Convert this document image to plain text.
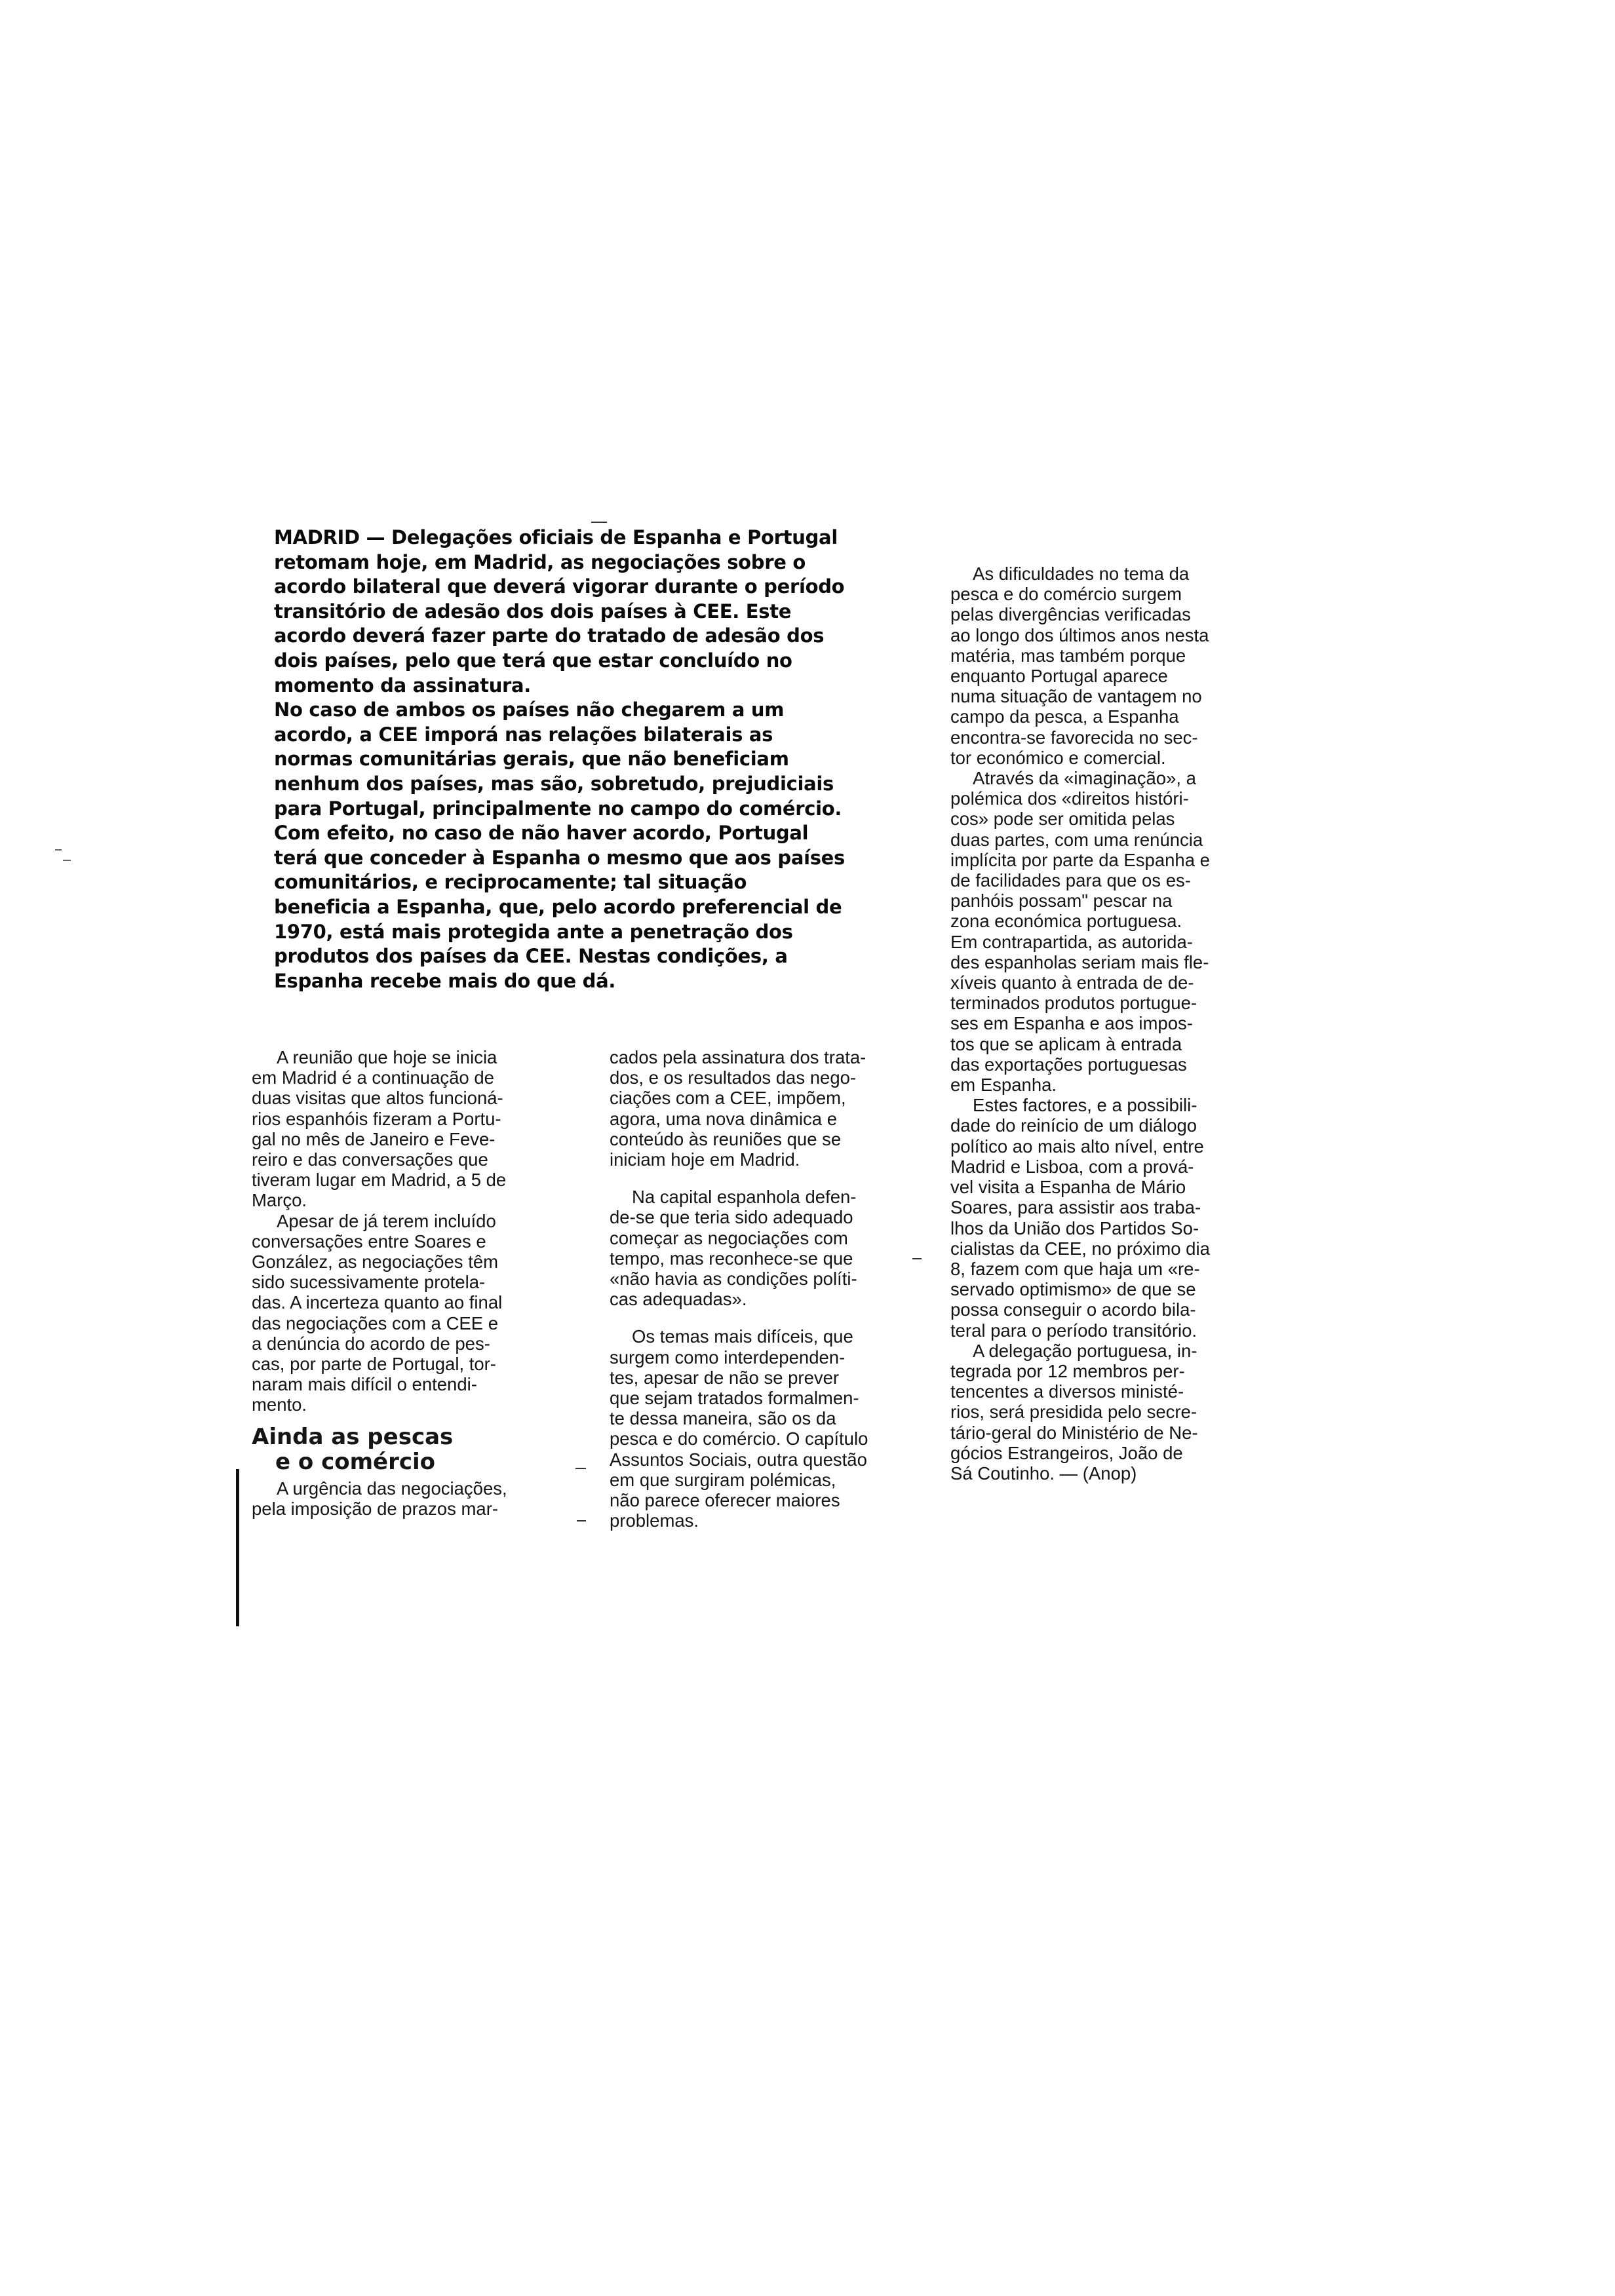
MADRID — Delegações oficiais de Espanha e Portugal
retomam hoje, em Madrid, as negociações sobre o
acordo bilateral que deverá vigorar durante o período
transitório de adesão dos dois países à CEE. Este
acordo deverá fazer parte do tratado de adesão dos
dois países, pelo que terá que estar concluído no
momento da assinatura.
No caso de ambos os países não chegarem a um
acordo, a CEE imporá nas relações bilaterais as
normas comunitárias gerais, que não beneficiam
nenhum dos países, mas são, sobretudo, prejudiciais
para Portugal, principalmente no campo do comércio.
Com efeito, no caso de não haver acordo, Portugal
terá que conceder à Espanha o mesmo que aos países
comunitários, e reciprocamente; tal situação
beneficia a Espanha, que, pelo acordo preferencial de
1970, está mais protegida ante a penetração dos
produtos dos países da CEE. Nestas condições, a
Espanha recebe mais do que dá.
A reunião que hoje se inicia
em Madrid é a continuação de
duas visitas que altos funcioná-
rios espanhóis fizeram a Portu-
gal no mês de Janeiro e Feve-
reiro e das conversações que
tiveram lugar em Madrid, a 5 de
Março.
Apesar de já terem incluído
conversações entre Soares e
González, as negociações têm
sido sucessivamente protela-
das. A incerteza quanto ao final
das negociações com a CEE e
a denúncia do acordo de pes-
cas, por parte de Portugal, tor-
naram mais difícil o entendi-
mento.
Ainda as pescas
e o comércio
A urgência das negociações,
pela imposição de prazos mar-
cados pela assinatura dos trata-
dos, e os resultados das nego-
ciações com a CEE, impõem,
agora, uma nova dinâmica e
conteúdo às reuniões que se
iniciam hoje em Madrid.
Na capital espanhola defen-
de-se que teria sido adequado
começar as negociações com
tempo, mas reconhece-se que
«não havia as condições políti-
cas adequadas».
Os temas mais difíceis, que
surgem como interdependen-
tes, apesar de não se prever
que sejam tratados formalmen-
te dessa maneira, são os da
pesca e do comércio. O capítulo
Assuntos Sociais, outra questão
em que surgiram polémicas,
não parece oferecer maiores
problemas.
As dificuldades no tema da
pesca e do comércio surgem
pelas divergências verificadas
ao longo dos últimos anos nesta
matéria, mas também porque
enquanto Portugal aparece
numa situação de vantagem no
campo da pesca, a Espanha
encontra-se favorecida no sec-
tor económico e comercial.
Através da «imaginação», a
polémica dos «direitos históri-
cos» pode ser omitida pelas
duas partes, com uma renúncia
implícita por parte da Espanha e
de facilidades para que os es-
panhóis possam" pescar na
zona económica portuguesa.
Em contrapartida, as autorida-
des espanholas seriam mais fle-
xíveis quanto à entrada de de-
terminados produtos portugue-
ses em Espanha e aos impos-
tos que se aplicam à entrada
das exportações portuguesas
em Espanha.
Estes factores, e a possibili-
dade do reinício de um diálogo
político ao mais alto nível, entre
Madrid e Lisboa, com a prová-
vel visita a Espanha de Mário
Soares, para assistir aos traba-
lhos da União dos Partidos So-
cialistas da CEE, no próximo dia
8, fazem com que haja um «re-
servado optimismo» de que se
possa conseguir o acordo bila-
teral para o período transitório.
A delegação portuguesa, in-
tegrada por 12 membros per-
tencentes a diversos ministé-
rios, será presidida pelo secre-
tário-geral do Ministério de Ne-
gócios Estrangeiros, João de
Sá Coutinho. — (Anop)
